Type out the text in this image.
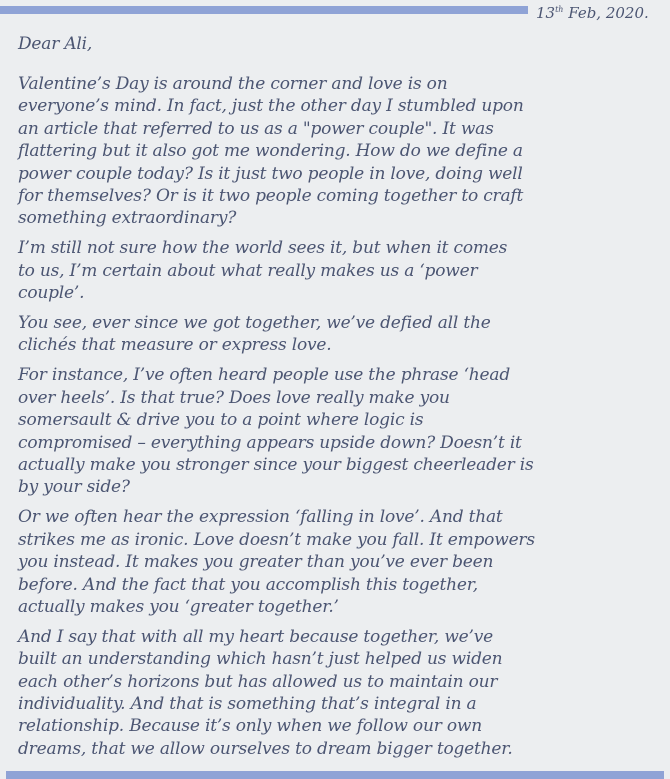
13th Feb, 2020.
Dear Ali,
Valentine’s Day is around the corner and love is on
everyone’s mind. In fact, just the other day I stumbled upon
an article that referred to us as a "power couple". It was
flattering but it also got me wondering. How do we define a
power couple today? Is it just two people in love, doing well
for themselves? Or is it two people coming together to craft
something extraordinary?
I’m still not sure how the world sees it, but when it comes
to us, I’m certain about what really makes us a ‘power
couple’.
You see, ever since we got together, we’ve defied all the
clichés that measure or express love.
For instance, I’ve often heard people use the phrase ‘head
over heels’. Is that true? Does love really make you
somersault & drive you to a point where logic is
compromised – everything appears upside down? Doesn’t it
actually make you stronger since your biggest cheerleader is
by your side?
Or we often hear the expression ‘falling in love’. And that
strikes me as ironic. Love doesn’t make you fall. It empowers
you instead. It makes you greater than you’ve ever been
before. And the fact that you accomplish this together,
actually makes you ‘greater together.’
And I say that with all my heart because together, we’ve
built an understanding which hasn’t just helped us widen
each other’s horizons but has allowed us to maintain our
individuality. And that is something that’s integral in a
relationship. Because it’s only when we follow our own
dreams, that we allow ourselves to dream bigger together.
